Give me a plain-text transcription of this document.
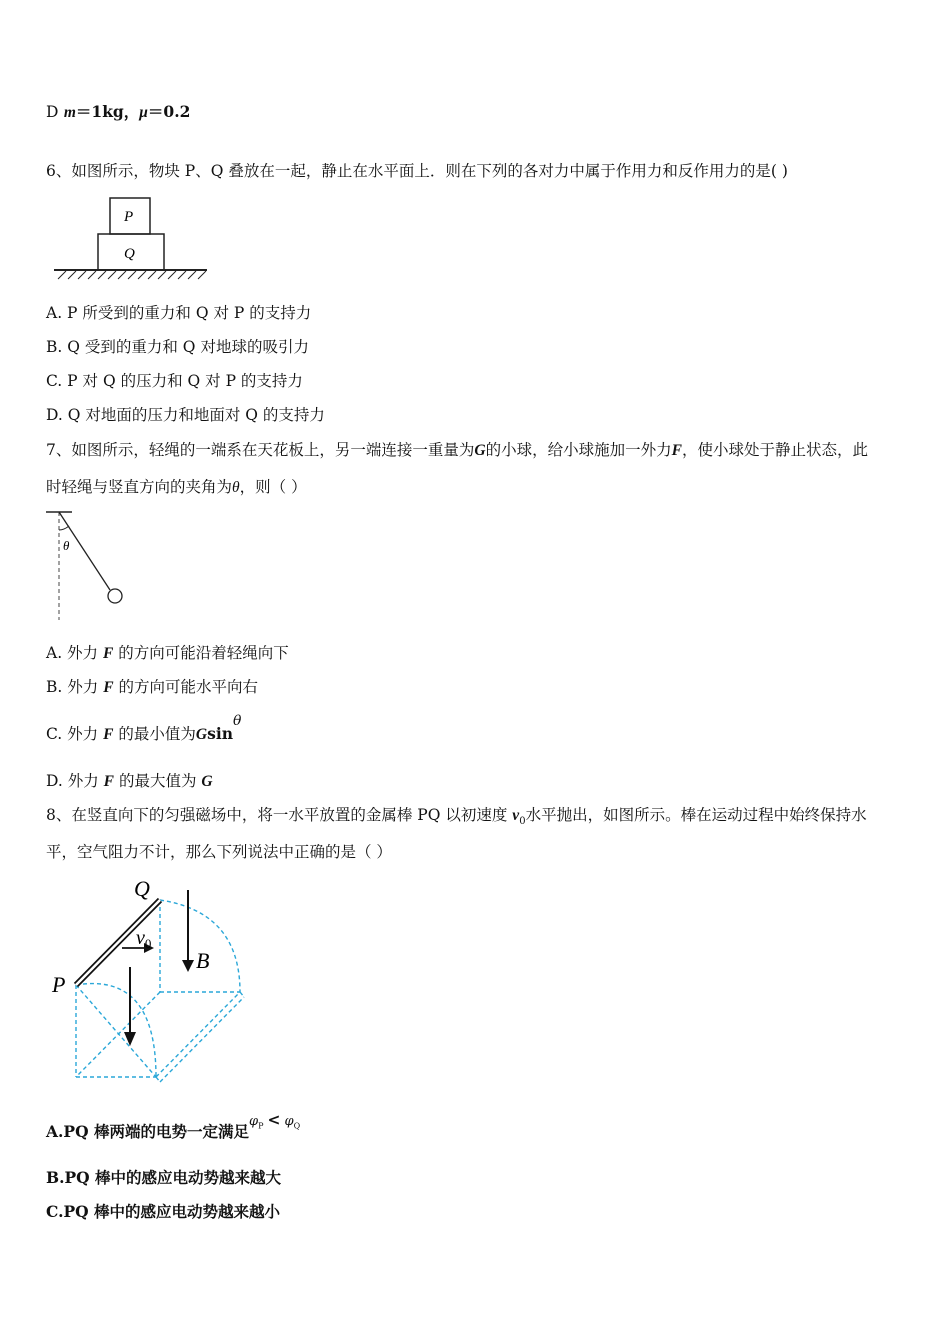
D m＝1kg，μ＝0.2
6、如图所示，物块 P、Q 叠放在一起，静止在水平面上．则在下列的各对力中属于作用力和反作用力的是( )
P
Q
A. P 所受到的重力和 Q 对 P 的支持力
B. Q 受到的重力和 Q 对地球的吸引力
C. P 对 Q 的压力和 Q 对 P 的支持力
D. Q 对地面的压力和地面对 Q 的支持力
7、如图所示，轻绳的一端系在天花板上，另一端连接一重量为G的小球，给小球施加一外力F，使小球处于静止状态，此
时轻绳与竖直方向的夹角为θ，则（ ）
θ
A. 外力 F 的方向可能沿着轻绳向下
B. 外力 F 的方向可能水平向右
C. 外力 F 的最小值为Gsinθ
D. 外力 F 的最大值为 G
8、在竖直向下的匀强磁场中，将一水平放置的金属棒 PQ 以初速度 $v_0$水平抛出，如图所示。棒在运动过程中始终保持水
平，空气阻力不计，那么下列说法中正确的是（ ）
Q
P
$v_0$
B
A.PQ 棒两端的电势一定满足$^{\varphi_P}$ < $^{\varphi_Q}$
B.PQ 棒中的感应电动势越来越大
C.PQ 棒中的感应电动势越来越小
